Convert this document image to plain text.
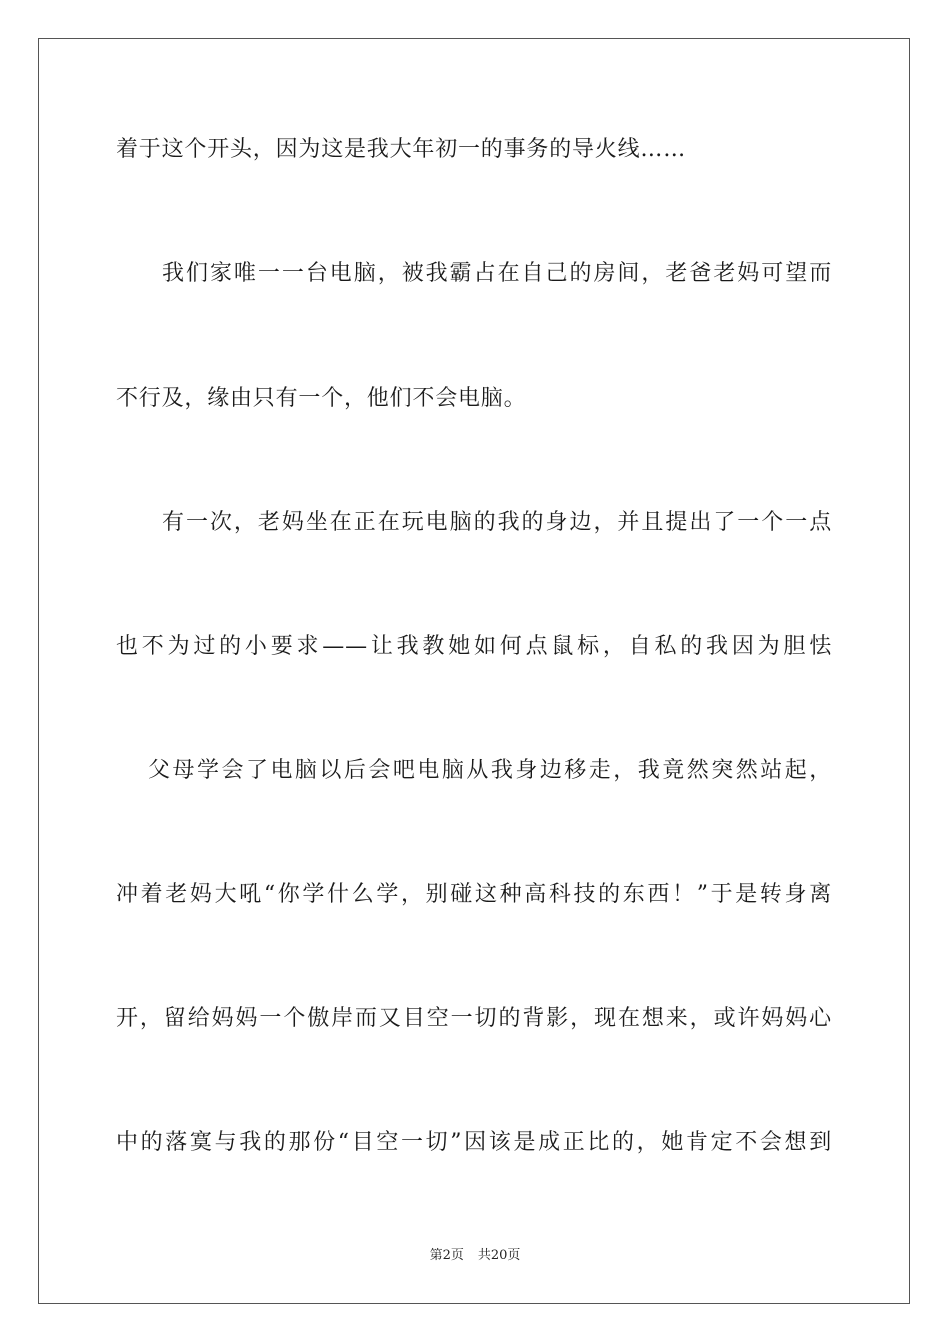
着于这个开头，因为这是我大年初一的事务的导火线……
我们家唯一一台电脑，被我霸占在自己的房间，老爸老妈可望而
不行及，缘由只有一个，他们不会电脑。
有一次，老妈坐在正在玩电脑的我的身边，并且提出了一个一点
也不为过的小要求——让我教她如何点鼠标，自私的我因为胆怯
父母学会了电脑以后会吧电脑从我身边移走，我竟然突然站起，
冲着老妈大吼“你学什么学，别碰这种高科技的东西！”于是转身离
开，留给妈妈一个傲岸而又目空一切的背影，现在想来，或许妈妈心
中的落寞与我的那份“目空一切”因该是成正比的，她肯定不会想到
第2页 共20页
